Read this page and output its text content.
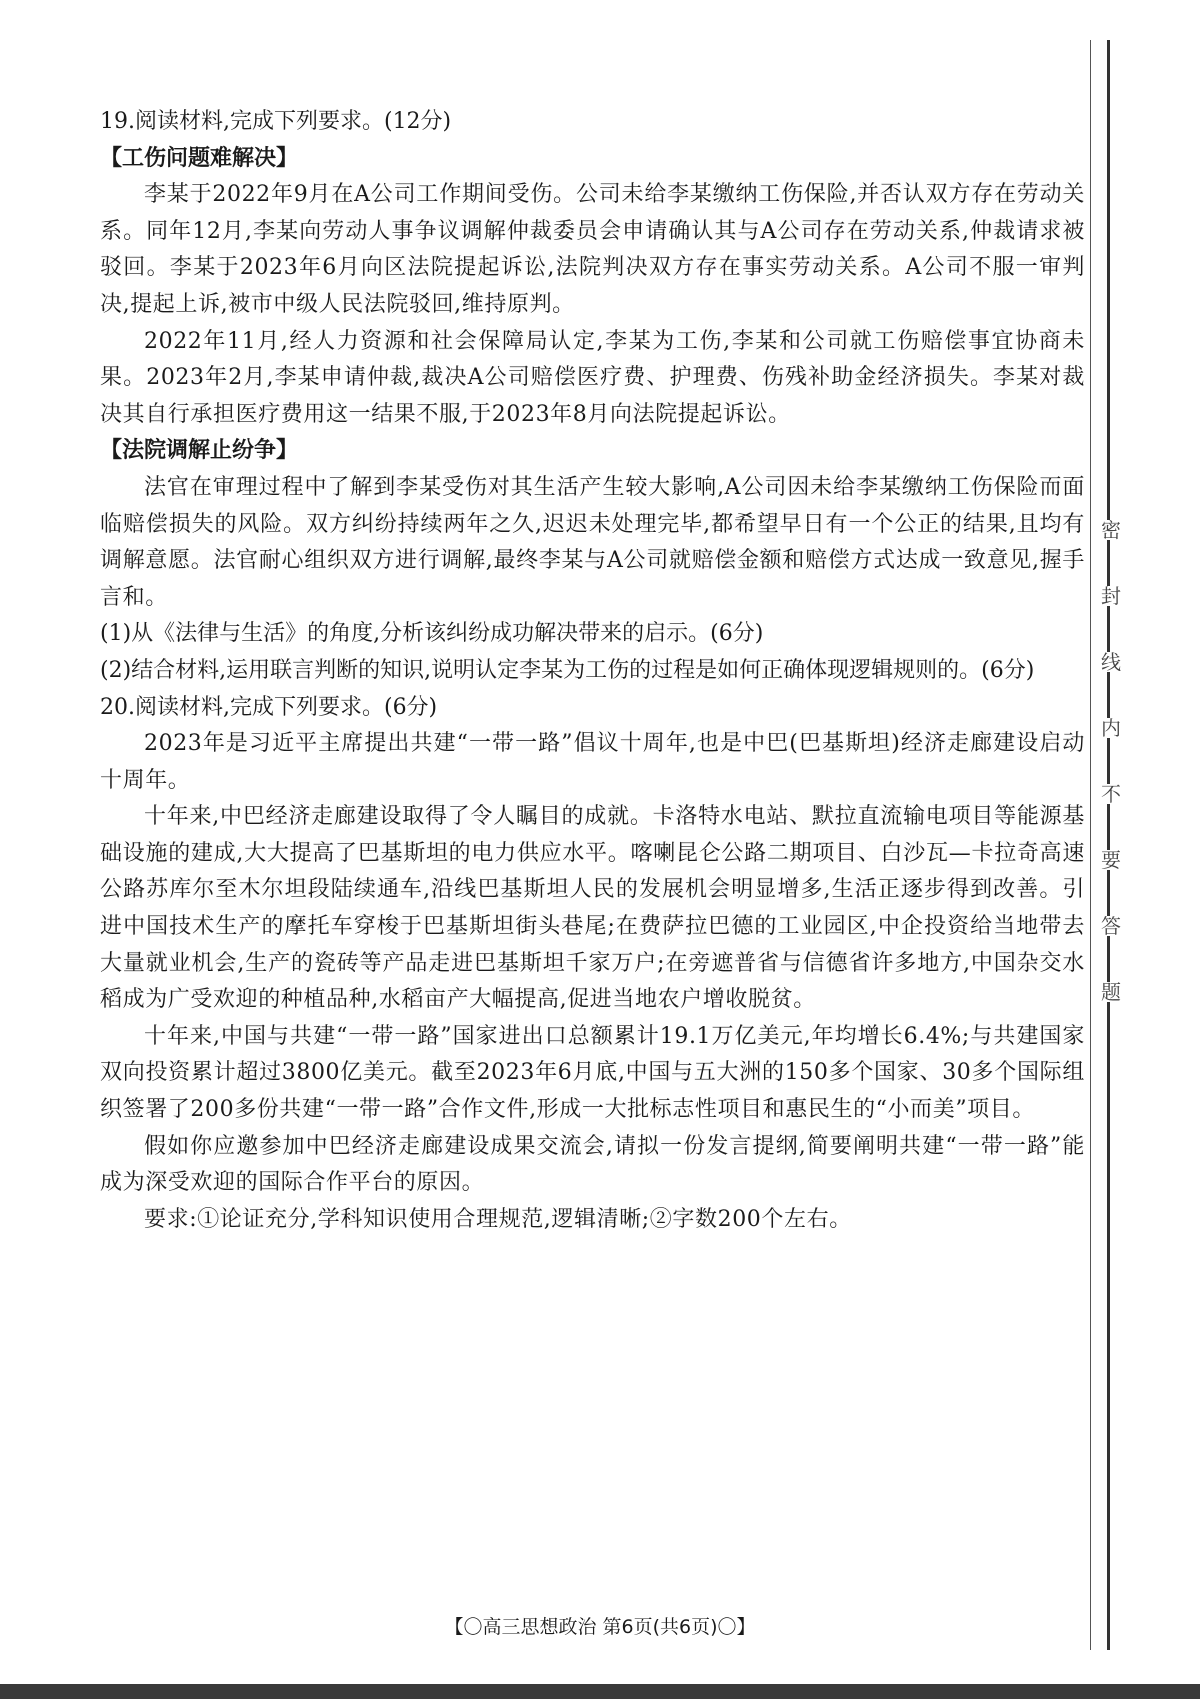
19.阅读材料,完成下列要求。(12分)

【工伤问题难解决】

李某于2022年9月在A公司工作期间受伤。公司未给李某缴纳工伤保险,并否认双方存在劳动关系。同年12月,李某向劳动人事争议调解仲裁委员会申请确认其与A公司存在劳动关系,仲裁请求被驳回。李某于2023年6月向区法院提起诉讼,法院判决双方存在事实劳动关系。A公司不服一审判决,提起上诉,被市中级人民法院驳回,维持原判。

2022年11月,经人力资源和社会保障局认定,李某为工伤,李某和公司就工伤赔偿事宜协商未果。2023年2月,李某申请仲裁,裁决A公司赔偿医疗费、护理费、伤残补助金经济损失。李某对裁决其自行承担医疗费用这一结果不服,于2023年8月向法院提起诉讼。

【法院调解止纷争】

法官在审理过程中了解到李某受伤对其生活产生较大影响,A公司因未给李某缴纳工伤保险而面临赔偿损失的风险。双方纠纷持续两年之久,迟迟未处理完毕,都希望早日有一个公正的结果,且均有调解意愿。法官耐心组织双方进行调解,最终李某与A公司就赔偿金额和赔偿方式达成一致意见,握手言和。

(1)从《法律与生活》的角度,分析该纠纷成功解决带来的启示。(6分)

(2)结合材料,运用联言判断的知识,说明认定李某为工伤的过程是如何正确体现逻辑规则的。(6分)

20.阅读材料,完成下列要求。(6分)

2023年是习近平主席提出共建“一带一路”倡议十周年,也是中巴(巴基斯坦)经济走廊建设启动十周年。

十年来,中巴经济走廊建设取得了令人瞩目的成就。卡洛特水电站、默拉直流输电项目等能源基础设施的建成,大大提高了巴基斯坦的电力供应水平。喀喇昆仑公路二期项目、白沙瓦—卡拉奇高速公路苏库尔至木尔坦段陆续通车,沿线巴基斯坦人民的发展机会明显增多,生活正逐步得到改善。引进中国技术生产的摩托车穿梭于巴基斯坦街头巷尾;在费萨拉巴德的工业园区,中企投资给当地带去大量就业机会,生产的瓷砖等产品走进巴基斯坦千家万户;在旁遮普省与信德省许多地方,中国杂交水稻成为广受欢迎的种植品种,水稻亩产大幅提高,促进当地农户增收脱贫。

十年来,中国与共建“一带一路”国家进出口总额累计19.1万亿美元,年均增长6.4%;与共建国家双向投资累计超过3800亿美元。截至2023年6月底,中国与五大洲的150多个国家、30多个国际组织签署了200多份共建“一带一路”合作文件,形成一大批标志性项目和惠民生的“小而美”项目。

假如你应邀参加中巴经济走廊建设成果交流会,请拟一份发言提纲,简要阐明共建“一带一路”能成为深受欢迎的国际合作平台的原因。

要求:①论证充分,学科知识使用合理规范,逻辑清晰;②字数200个左右。

密
封
线
内
不
要
答
题
【〇高三思想政治 第6页(共6页)〇】
